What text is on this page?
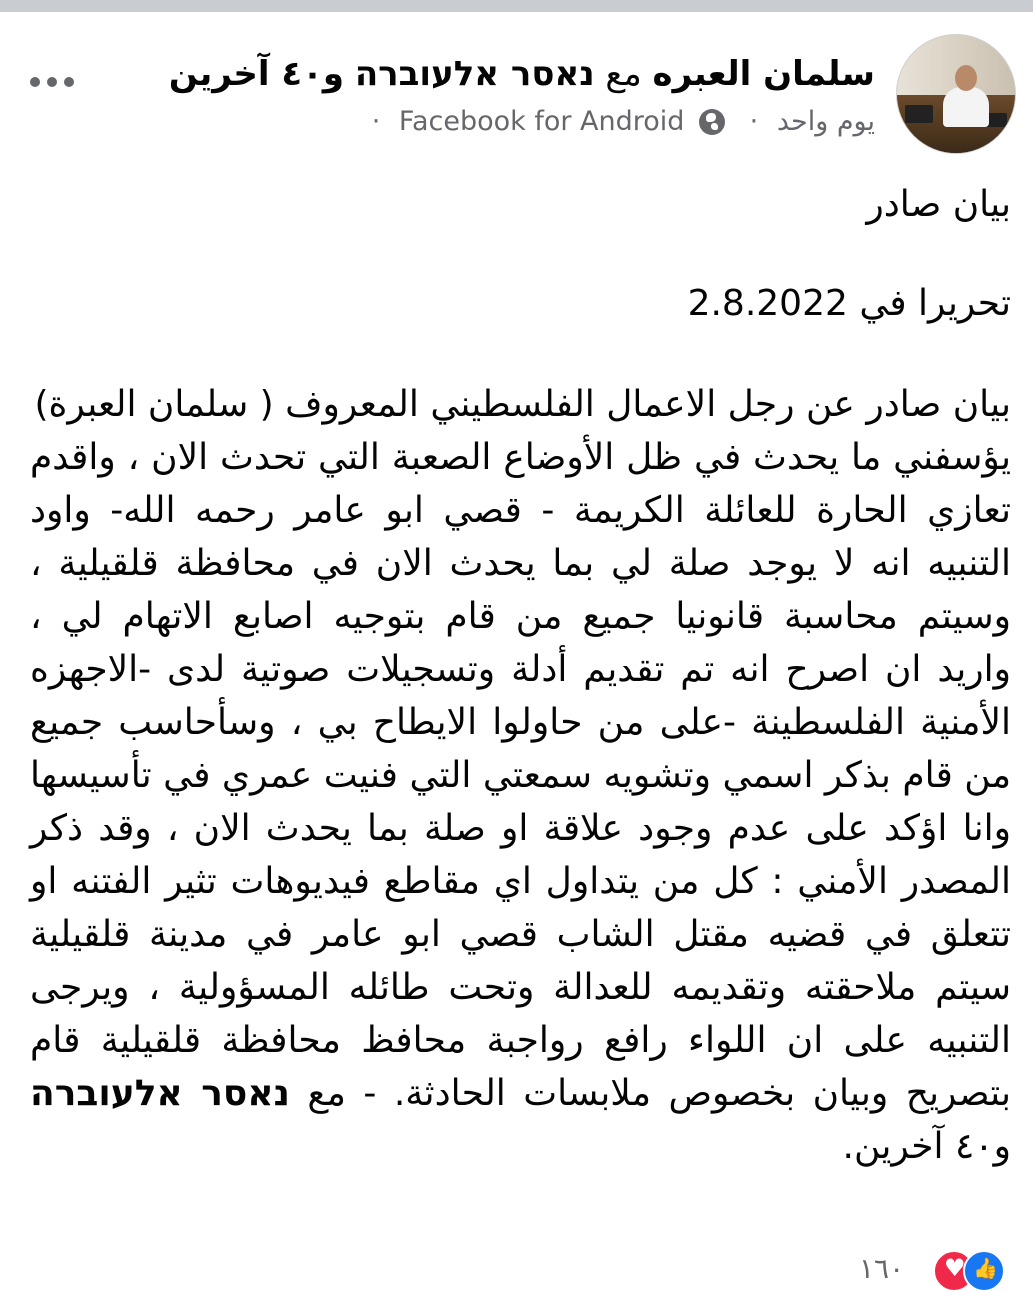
سلمان العبره مع נאסר אלעוברה و٤٠ آخرين
يوم واحد ·  Facebook for Android ·

بيان صادر

تحريرا في 2.8.2022

بيان صادر عن رجل الاعمال الفلسطيني المعروف ( سلمان العبرة)

يؤسفني ما يحدث في ظل الأوضاع الصعبة التي تحدث الان ، واقدم تعازي الحارة للعائلة الكريمة - قصي ابو عامر رحمه الله- واود التنبيه انه لا يوجد صلة لي بما يحدث الان في محافظة قلقيلية ، وسيتم محاسبة قانونيا جميع من قام بتوجيه اصابع الاتهام لي ، واريد ان اصرح انه تم تقديم أدلة وتسجيلات صوتية لدى -الاجهزه الأمنية الفلسطينة -على من حاولوا الايطاح بي ، وسأحاسب جميع من قام بذكر اسمي وتشويه سمعتي التي فنيت عمري في تأسيسها وانا اؤكد على عدم وجود علاقة او صلة بما يحدث الان ، وقد ذكر المصدر الأمني : كل من يتداول اي مقاطع فيديوهات تثير الفتنه او تتعلق في قضيه مقتل الشاب قصي ابو عامر في مدينة قلقيلية سيتم ملاحقته وتقديمه للعدالة وتحت طائله المسؤولية ، ويرجى التنبيه على ان اللواء رافع رواجبة محافظ محافظة قلقيلية قام بتصريح وبيان بخصوص ملابسات الحادثة. - مع נאסר אלעוברה و٤٠ آخرين.

١٦٠
♥
👍
